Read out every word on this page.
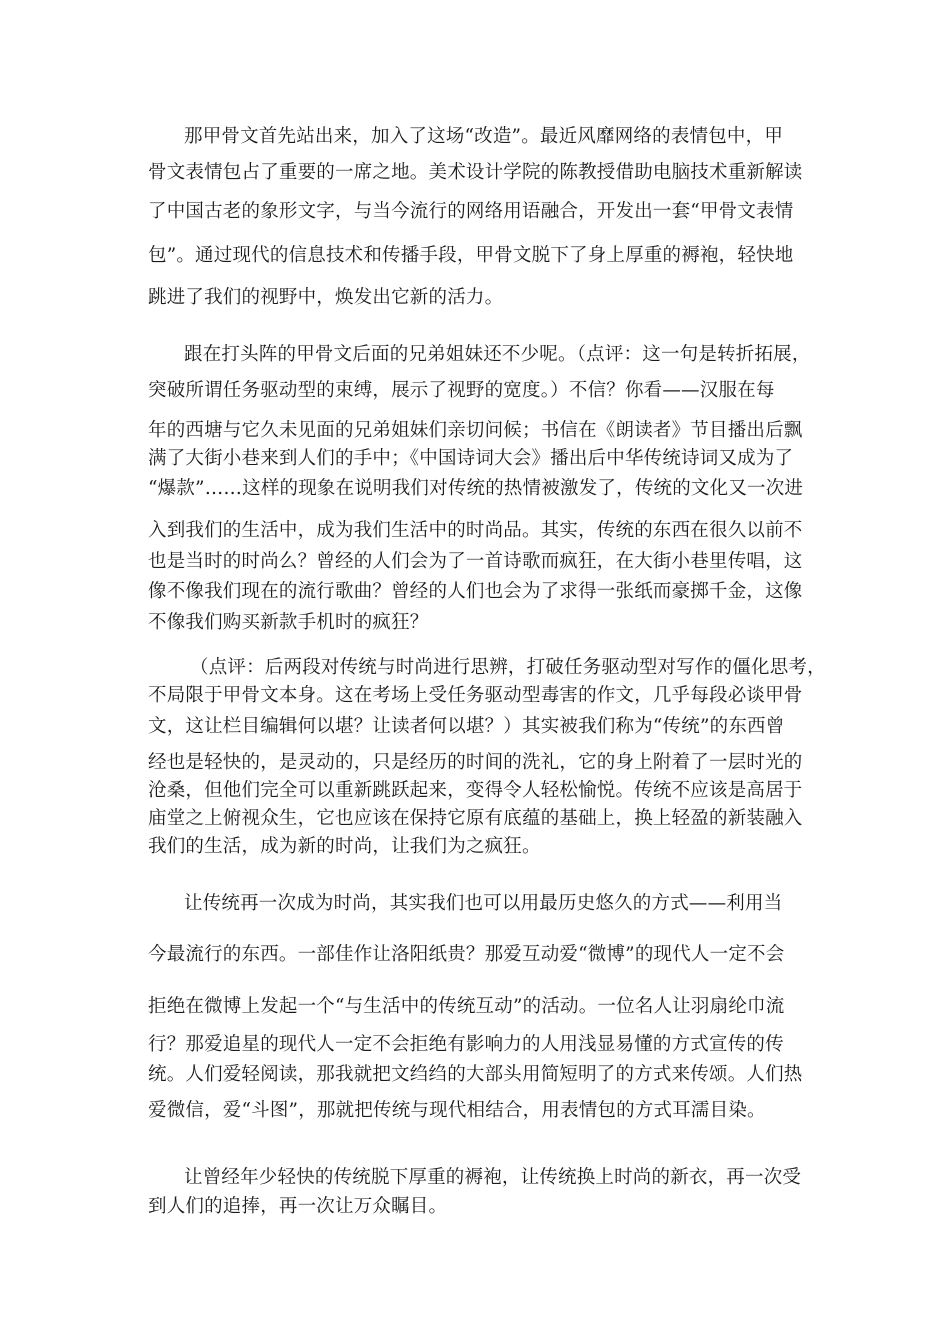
那甲骨文首先站出来，加入了这场“改造”。最近风靡网络的表情包中，甲
骨文表情包占了重要的一席之地。美术设计学院的陈教授借助电脑技术重新解读
了中国古老的象形文字，与当今流行的网络用语融合，开发出一套“甲骨文表情
包”。通过现代的信息技术和传播手段，甲骨文脱下了身上厚重的褥袍，轻快地
跳进了我们的视野中，焕发出它新的活力。
跟在打头阵的甲骨文后面的兄弟姐妹还不少呢。（点评：这一句是转折拓展，
突破所谓任务驱动型的束缚，展示了视野的宽度。）不信？你看——汉服在每
年的西塘与它久未见面的兄弟姐妹们亲切问候；书信在《朗读者》节目播出后飘
满了大街小巷来到人们的手中；《中国诗词大会》播出后中华传统诗词又成为了
“爆款”……这样的现象在说明我们对传统的热情被激发了，传统的文化又一次进
入到我们的生活中，成为我们生活中的时尚品。其实，传统的东西在很久以前不
也是当时的时尚么？曾经的人们会为了一首诗歌而疯狂，在大街小巷里传唱，这
像不像我们现在的流行歌曲？曾经的人们也会为了求得一张纸而豪掷千金，这像
不像我们购买新款手机时的疯狂？
（点评：后两段对传统与时尚进行思辨，打破任务驱动型对写作的僵化思考，
不局限于甲骨文本身。这在考场上受任务驱动型毒害的作文，几乎每段必谈甲骨
文，这让栏目编辑何以堪？让读者何以堪？）其实被我们称为“传统”的东西曾
经也是轻快的，是灵动的，只是经历的时间的洗礼，它的身上附着了一层时光的
沧桑，但他们完全可以重新跳跃起来，变得令人轻松愉悦。传统不应该是高居于
庙堂之上俯视众生，它也应该在保持它原有底蕴的基础上，换上轻盈的新装融入
我们的生活，成为新的时尚，让我们为之疯狂。
让传统再一次成为时尚，其实我们也可以用最历史悠久的方式——利用当
今最流行的东西。一部佳作让洛阳纸贵？那爱互动爱“微博”的现代人一定不会
拒绝在微博上发起一个“与生活中的传统互动”的活动。一位名人让羽扇纶巾流
行？那爱追星的现代人一定不会拒绝有影响力的人用浅显易懂的方式宣传的传
统。人们爱轻阅读，那我就把文绉绉的大部头用简短明了的方式来传颂。人们热
爱微信，爱“斗图”，那就把传统与现代相结合，用表情包的方式耳濡目染。
让曾经年少轻快的传统脱下厚重的褥袍，让传统换上时尚的新衣，再一次受
到人们的追捧，再一次让万众瞩目。
